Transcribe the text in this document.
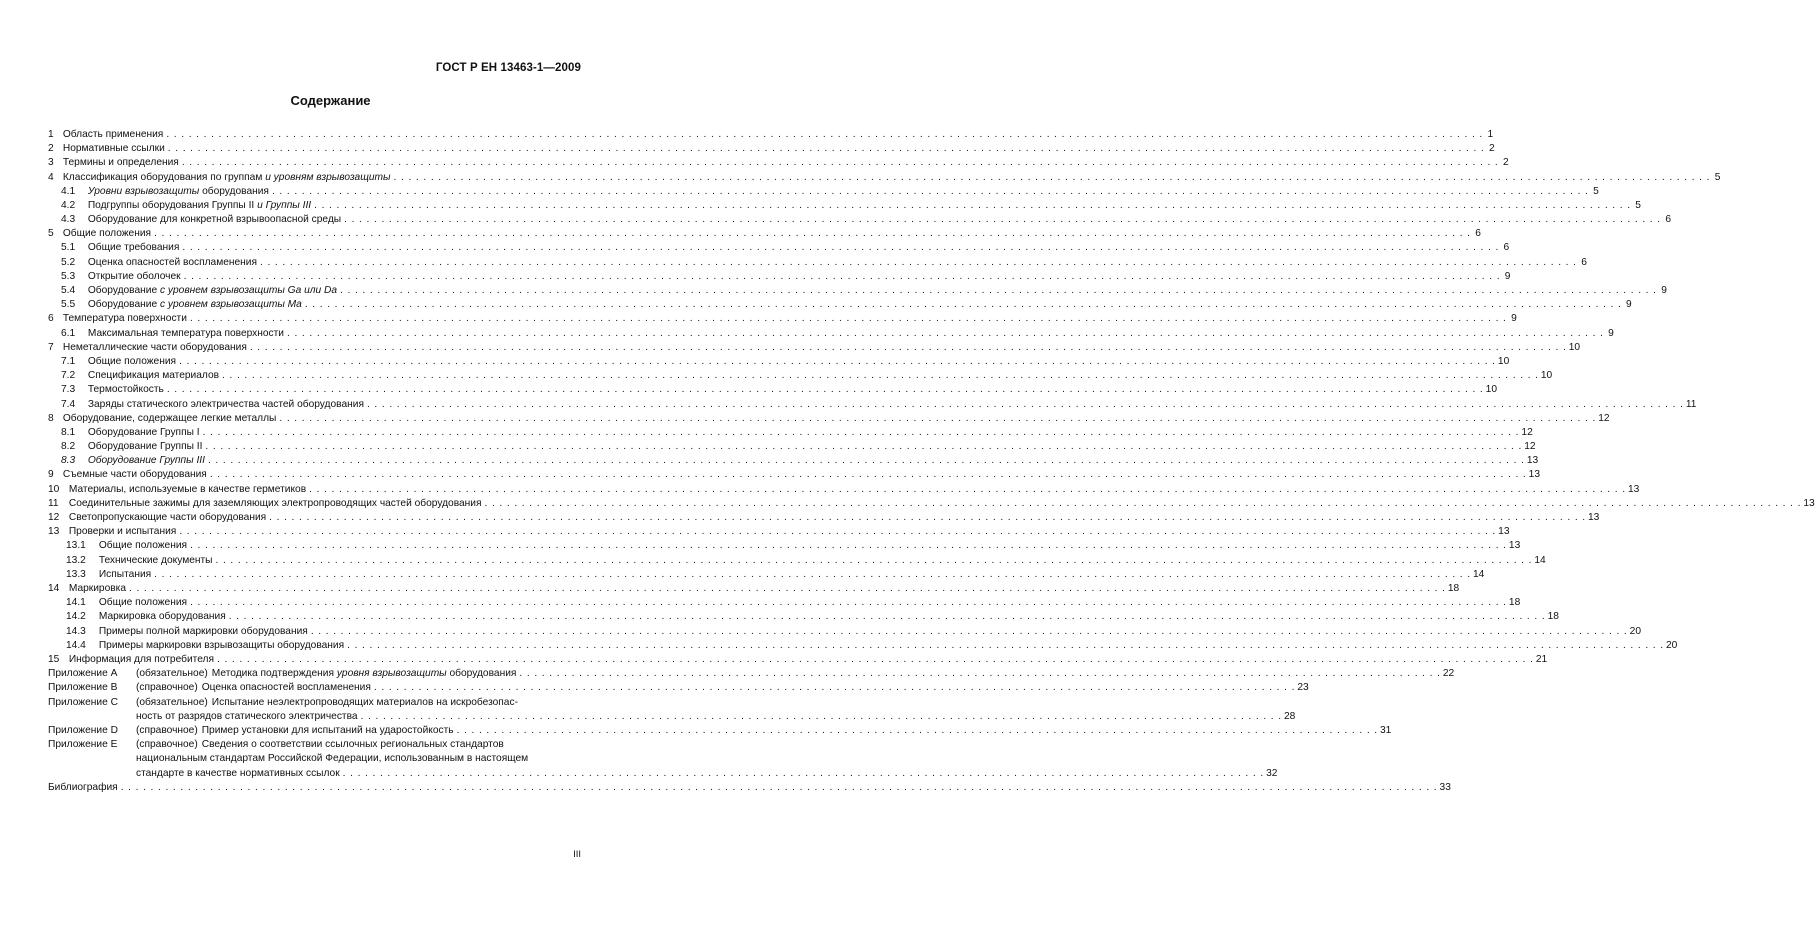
ГОСТ Р ЕН 13463-1—2009
Содержание
1 Область применения . . .	1
2 Нормативные ссылки . . .	2
3 Термины и определения . . .	2
4 Классификация оборудования по группам и уровням взрывозащиты . . .	5
4.1 Уровни взрывозащиты оборудования . . .	5
4.2 Подгруппы оборудования Группы II и Группы III . . .	5
4.3 Оборудование для конкретной взрывоопасной среды . . .	6
5 Общие положения . . .	6
5.1 Общие требования . . .	6
5.2 Оценка опасностей воспламенения . . .	6
5.3 Открытие оболочек . . .	9
5.4 Оборудование с уровнем взрывозащиты Ga или Da . . .	9
5.5 Оборудование с уровнем взрывозащиты Ma . . .	9
6 Температура поверхности . . .	9
6.1 Максимальная температура поверхности . . .	9
7 Неметаллические части оборудования . . .	10
7.1 Общие положения . . .	10
7.2 Спецификация материалов . . .	10
7.3 Термостойкость . . .	10
7.4 Заряды статического электричества частей оборудования . . .	11
8 Оборудование, содержащее легкие металлы . . .	12
8.1 Оборудование Группы I . . .	12
8.2 Оборудование Группы II . . .	12
8.3 Оборудование Группы III . . .	13
9 Съемные части оборудования . . .	13
10 Материалы, используемые в качестве герметиков . . .	13
11 Соединительные зажимы для заземляющих электропроводящих частей оборудования . . .	13
12 Светопропускающие части оборудования . . .	13
13 Проверки и испытания . . .	13
13.1 Общие положения . . .	13
13.2 Технические документы . . .	14
13.3 Испытания . . .	14
14 Маркировка . . .	18
14.1 Общие положения . . .	18
14.2 Маркировка оборудования . . .	18
14.3 Примеры полной маркировки оборудования . . .	20
14.4 Примеры маркировки взрывозащиты оборудования . . .	20
15 Информация для потребителя . . .	21
Приложение А	(обязательное) Методика подтверждения уровня взрывозащиты оборудования . . .	22
Приложение В	(справочное) Оценка опасностей воспламенения . . .	23
Приложение С	(обязательное) Испытание неэлектропроводящих материалов на искробезопас-
ность от разрядов статического электричества . . .	28
Приложение D	(справочное) Пример установки для испытаний на ударостойкость . . .	31
Приложение Е	(справочное) Сведения о соответствии ссылочных региональных стандартов
национальным стандартам Российской Федерации, использованным в настоящем
стандарте в качестве нормативных ссылок . . .	32
Библиография . . .	33
III
